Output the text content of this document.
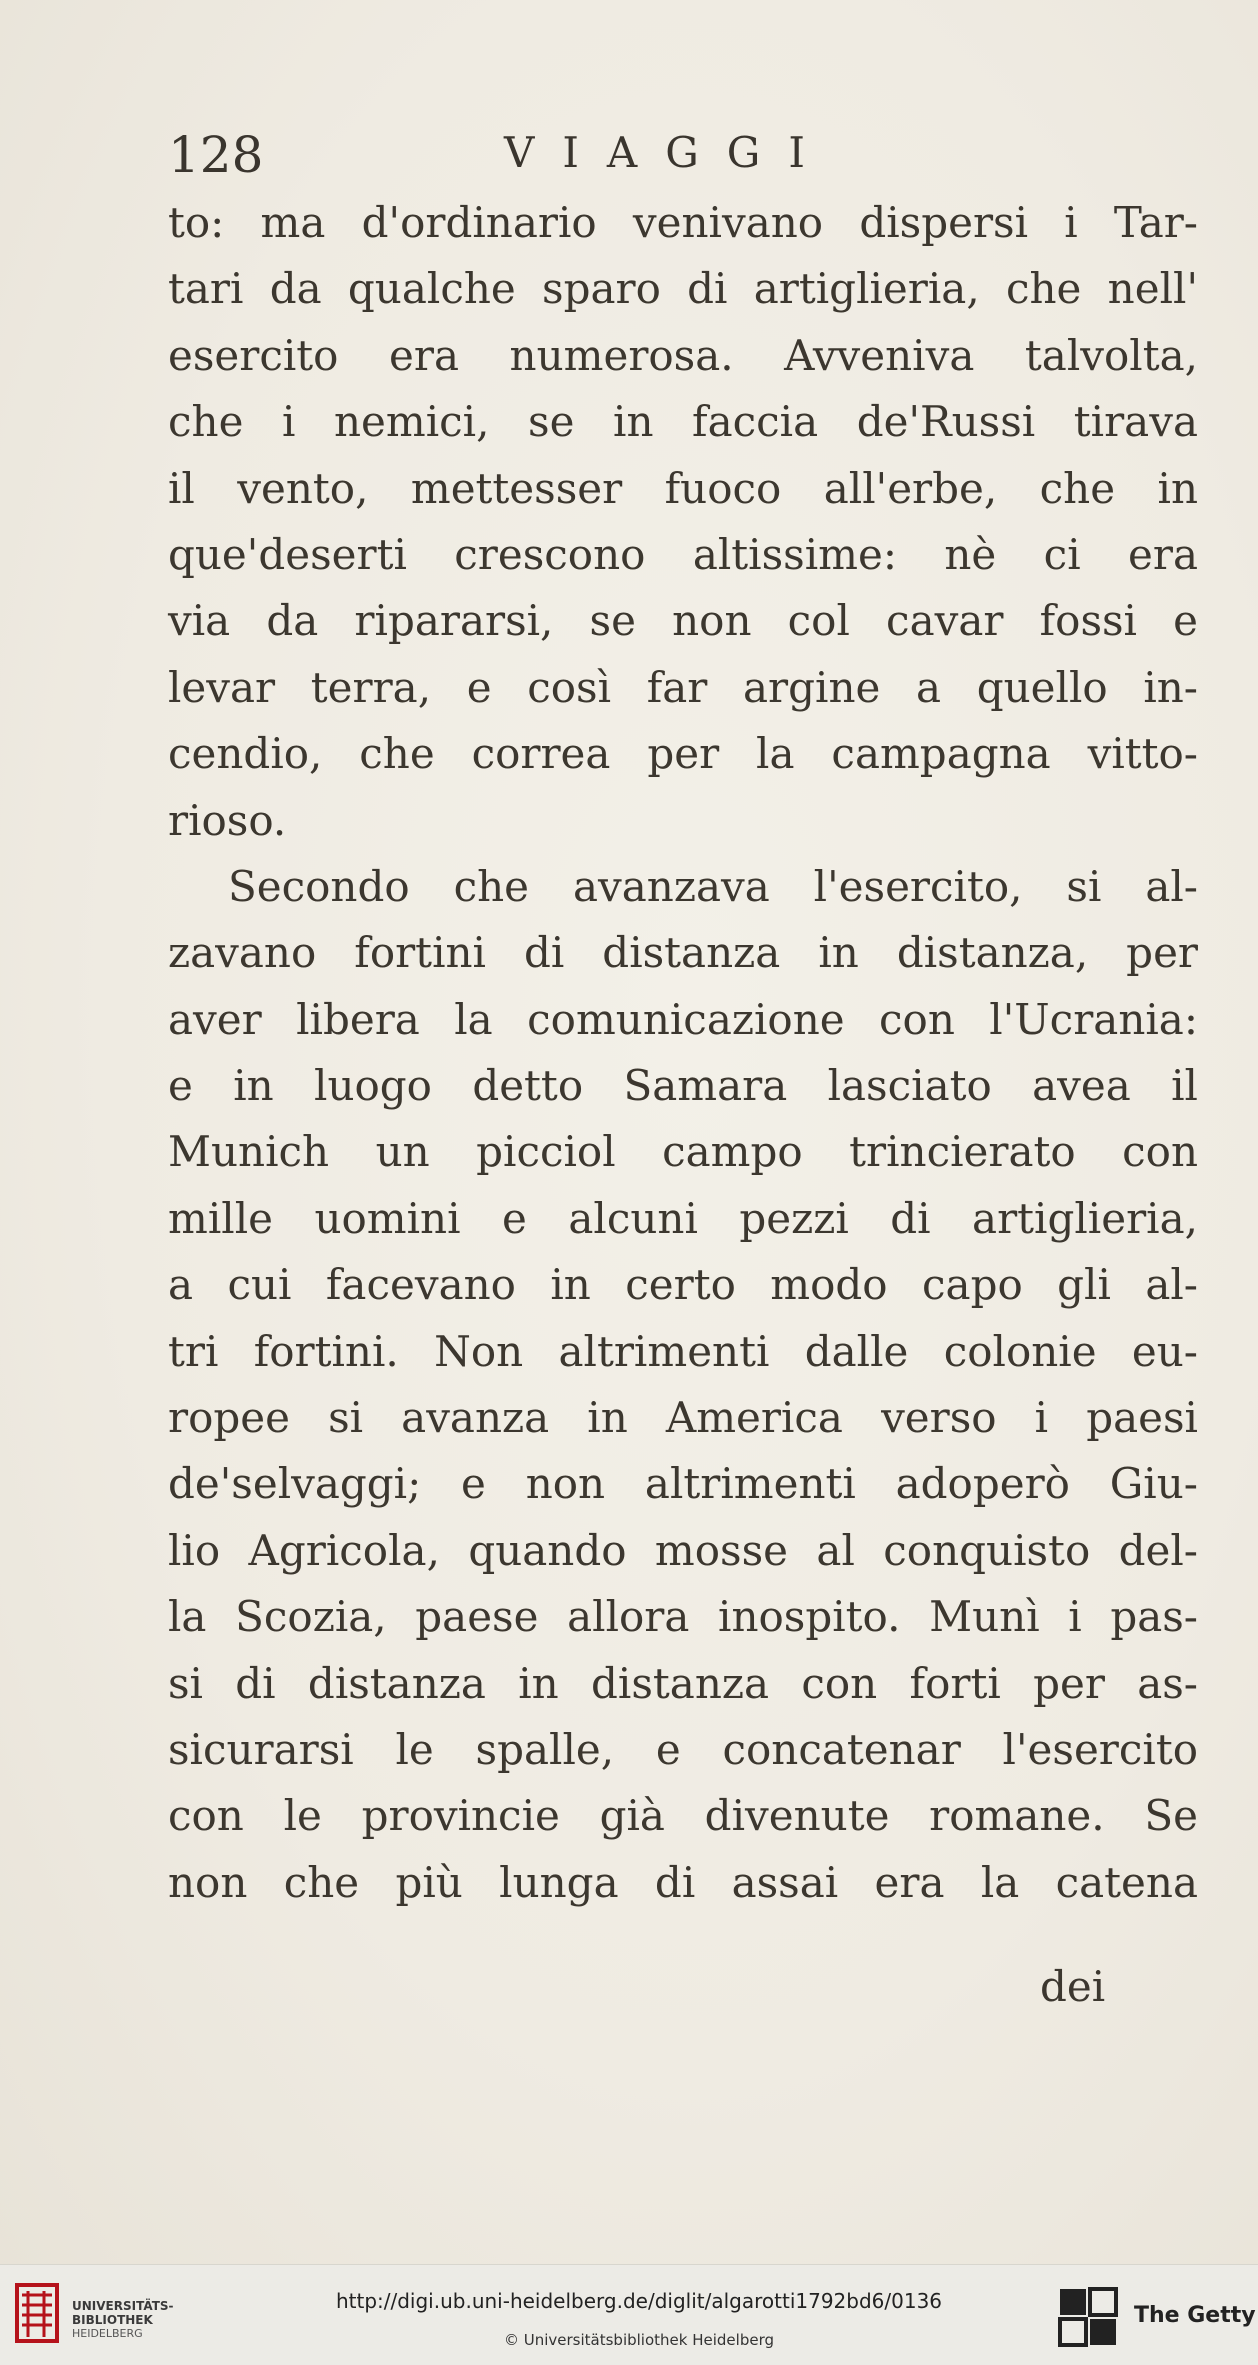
128	VIAGGI
to: ma d'ordinario venivano dispersi i Tar-
tari da qualche sparo di artiglieria, che nell'
esercito era numerosa. Avveniva talvolta,
che i nemici, se in faccia de'Russi tirava
il vento, mettesser fuoco all'erbe, che in
que'deserti crescono altissime: nè ci era
via da ripararsi, se non col cavar fossi e
levar terra, e così far argine a quello in-
cendio, che correa per la campagna vitto-
rioso.
Secondo che avanzava l'esercito, si al-
zavano fortini di distanza in distanza, per
aver libera la comunicazione con l'Ucrania:
e in luogo detto Samara lasciato avea il
Munich un picciol campo trincierato con
mille uomini e alcuni pezzi di artiglieria,
a cui facevano in certo modo capo gli al-
tri fortini. Non altrimenti dalle colonie eu-
ropee si avanza in America verso i paesi
de'selvaggi; e non altrimenti adoperò Giu-
lio Agricola, quando mosse al conquisto del-
la Scozia, paese allora inospito. Munì i pas-
si di distanza in distanza con forti per as-
sicurarsi le spalle, e concatenar l'esercito
con le provincie già divenute romane. Se
non che più lunga di assai era la catena
dei
UNIVERSITÄTS-
BIBLIOTHEK
HEIDELBERG
http://digi.ub.uni-heidelberg.de/diglit/algarotti1792bd6/0136
© Universitätsbibliothek Heidelberg
The Getty
